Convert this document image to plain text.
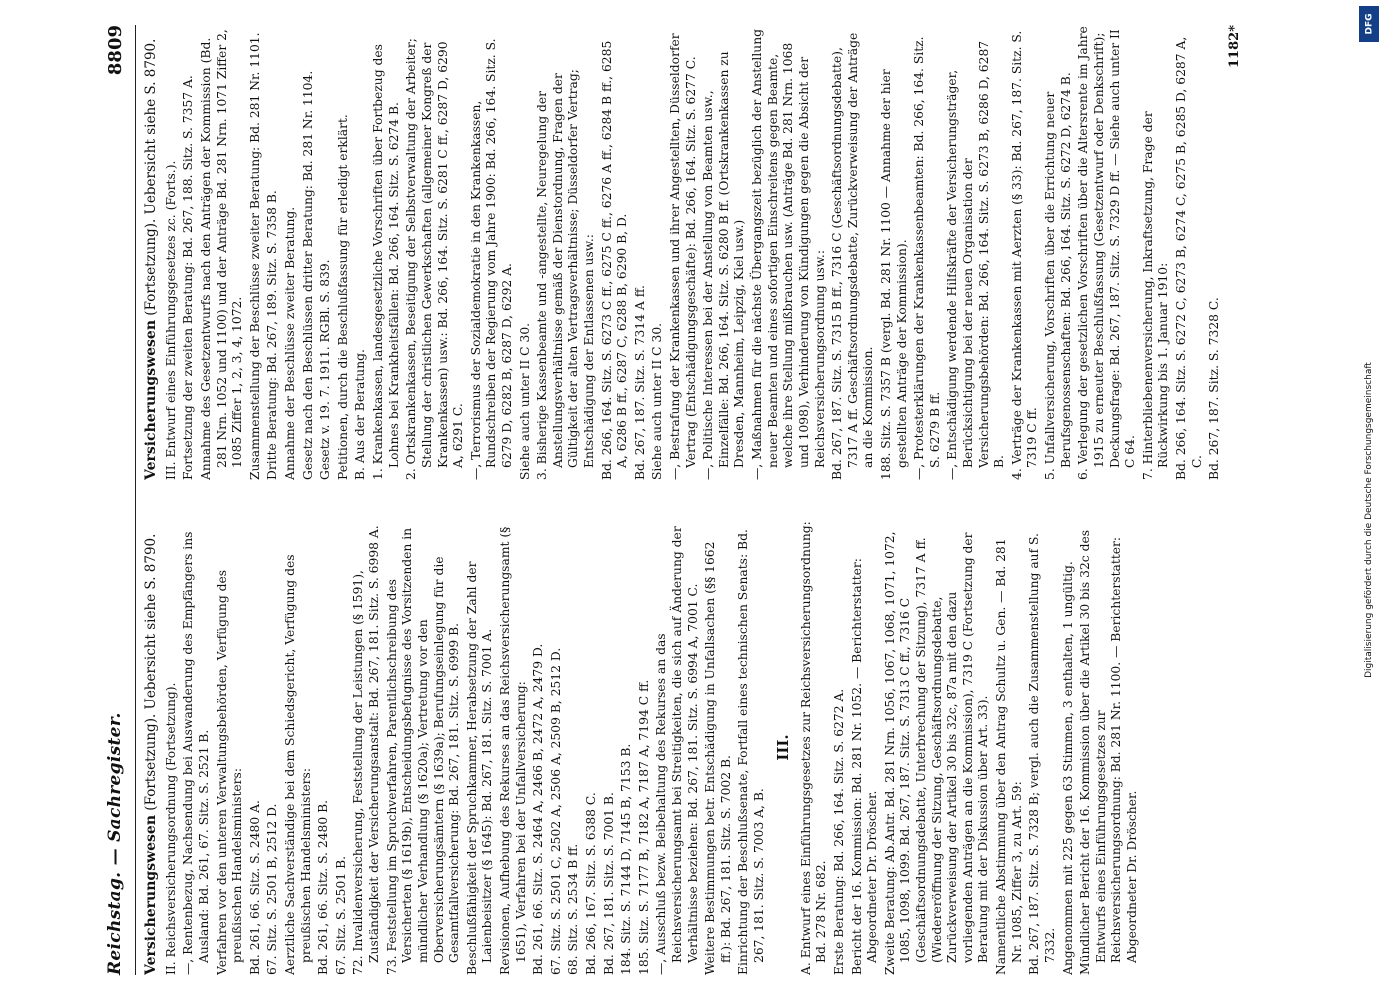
Reichstag. — Sachregister.
8809
Versicherungswesen (Fortsetzung). Uebersicht siehe S. 8790.
II. Reichsversicherungsordnung (Fortsetzung). —, Rentenbezug, Nachsendung bei Auswanderung des Empfängers ins Ausland: Bd. 261, 67. Sitz. S. 2521 B. Verfahren vor den unteren Verwaltungsbehörden, Verfügung des preußischen Handelsministers: Bd. 261, 66. Sitz. S. 2480 A. 67. Sitz. S. 2501 B, 2512 D. Aerztliche Sachverständige bei dem Schiedsgericht, Verfügung des preußischen Handelsministers: Bd. 261, 66. Sitz. S. 2480 B. 67. Sitz. S. 2501 B. 72. Invalidenversicherung, Feststellung der Leistungen (§ 1591), Zuständigkeit der Versicherungsanstalt: Bd. 267, 181. Sitz. S. 6998 A. 73. Feststellung im Spruchverfahren, Parentlichschreibung des Versicherten (§ 1619b), Entscheidungsbefugnisse des Vorsitzenden in mündlicher Verhandlung (§ 1620a); Vertretung vor den Oberversicherungsämtern (§ 1639a); Berufungseinlegung für die Gesamtfallversicherung: Bd. 267, 181. Sitz. S. 6999 B. Beschlußfähigkeit der Spruchkammer, Herabsetzung der Zahl der Laienbeisitzer (§ 1645): Bd. 267, 181. Sitz. S. 7001 A. Revisionen, Aufhebung des Rekurses an das Reichsversicherungsamt (§ 1651), Verfahren bei der Unfallversicherung: Bd. 261, 66. Sitz. S. 2464 A, 2466 B, 2472 A, 2479 D. 67. Sitz. S. 2501 C, 2502 A, 2506 A, 2509 B, 2512 D. 68. Sitz. S. 2534 B ff. Bd. 266, 167. Sitz. S. 6388 C. Bd. 267, 181. Sitz. S. 7001 B. 184. Sitz. S. 7144 D, 7145 B, 7153 B. 185. Sitz. S. 7177 B, 7182 A, 7187 A, 7194 C ff. —, Ausschluß bezw. Beibehaltung des Rekurses an das Reichsversicherungsamt bei Streitigkeiten, die sich auf Änderung der Verhältnisse beziehen: Bd. 267, 181. Sitz. S. 6994 A, 7001 C. Weitere Bestimmungen betr. Entschädigung in Unfallsachen (§§ 1662 ff.): Bd. 267, 181. Sitz. S. 7002 B. Einrichtung der Beschlußsenate, Fortfall eines technischen Senats: Bd. 267, 181. Sitz. S. 7003 A, B.
III. A. Entwurf eines Einführungsgesetzes zur Reichsversicherungsordnung: Bd. 278 Nr. 682. Erste Beratung: Bd. 266, 164. Sitz. S. 6272 A. Bericht der 16. Kommission: Bd. 281 Nr. 1052. — Berichterstatter: Abgeordneter Dr. Dröscher. Zweite Beratung: Ab.Antr. Bd. 281 Nrn. 1056, 1067, 1068, 1071, 1072, 1085, 1098, 1099. Bd. 267, 187. Sitz. S. 7313 C ff., 7316 C (Geschäftsordnungsdebatte, Unterbrechung der Sitzung), 7317 A ff. (Wiedereröffnung der Sitzung, Geschäftsordnungsdebatte, Zurückverweisung der Artikel 30 bis 32c, 87a mit den dazu vorliegenden Anträgen an die Kommission), 7319 C (Fortsetzung der Beratung mit der Diskussion über Art. 33). Namentliche Abstimmung über den Antrag Schultz u. Gen. — Bd. 281 Nr. 1085, Ziffer 3, zu Art. 59: Bd. 267, 187. Sitz. S. 7328 B; vergl. auch die Zusammenstellung auf S. 7332. Angenommen mit 225 gegen 63 Stimmen, 3 enthalten, 1 ungültig. Mündlicher Bericht der 16. Kommission über die Artikel 30 bis 32c des Entwurfs eines Einführungsgesetzes zur Reichsversicherungsordnung: Bd. 281 Nr. 1100. — Berichterstatter: Abgeordneter Dr. Dröscher.
Versicherungswesen (Fortsetzung). Uebersicht siehe S. 8790. III. Entwurf eines Einführungsgesetzes zc. (Forts.). Fortsetzung der zweiten Beratung: Bd. 267, 188. Sitz. S. 7357 A. Annahme des Gesetzentwurfs nach den Anträgen der Kommission (Bd. 281 Nrn. 1052 und 1100) und der Anträge Bd. 281 Nrn. 1071 Ziffer 2, 1085 Ziffer 1, 2, 3, 4, 1072. Zusammenstellung der Beschlüsse zweiter Beratung: Bd. 281 Nr. 1101. Dritte Beratung: Bd. 267, 189. Sitz. S. 7358 B. Annahme der Beschlüsse zweiter Beratung. Gesetz nach den Beschlüssen dritter Beratung: Bd. 281 Nr. 1104. Gesetz v. 19. 7. 1911. RGBl. S. 839. Petitionen, durch die Beschlußfassung für erledigt erklärt. B. Aus der Beratung. 1. Krankenkassen, landesgesetzliche Vorschriften über Fortbezug des Lohnes bei Krankheitsfällen: Bd. 266, 164. Sitz. S. 6274 B. 2. Ortskrankenkassen, Beseitigung der Selbstverwaltung der Arbeiter; Stellung der christlichen Gewerkschaften (allgemeiner Kongreß der Krankenkassen) usw.: Bd. 266, 164. Sitz. S. 6281 C ff., 6287 D, 6290 A, 6291 C. —, Terrorismus der Sozialdemokratie in den Krankenkassen, Rundschreiben der Regierung vom Jahre 1900: Bd. 266, 164. Sitz. S. 6279 D, 6282 B, 6287 D, 6292 A. Siehe auch unter II C 30. 3. Bisherige Kassenbeamte und -angestellte, Neuregelung der Anstellungsverhältnisse gemäß der Dienstordnung, Fragen der Gültigkeit der alten Vertragsverhältnisse; Düsseldorfer Vertrag; Entschädigung der Entlassenen usw.: Bd. 266, 164. Sitz. S. 6273 C ff., 6275 C ff., 6276 A ff., 6284 B ff., 6285 A, 6286 B ff., 6287 C, 6288 B, 6290 B, D. Bd. 267, 187. Sitz. S. 7314 A ff. Siehe auch unter II C 30. —, Bestrafung der Krankenkassen und ihrer Angestellten, Düsseldorfer Vertrag (Entschädigungsgeschäfte): Bd. 266, 164. Sitz. S. 6277 C. —, Politische Interessen bei der Anstellung von Beamten usw., Einzelfälle: Bd. 266, 164. Sitz. S. 6280 B ff. (Ortskrankenkassen zu Dresden, Mannheim, Leipzig, Kiel usw.) —, Maßnahmen für die nächste Übergangszeit bezüglich der Anstellung neuer Beamten und eines sofortigen Einschreitens gegen Beamte, welche ihre Stellung mißbrauchen usw. (Anträge Bd. 281 Nrn. 1068 und 1098), Verhinderung von Kündigungen gegen die Absicht der Reichsversicherungsordnung usw.: Bd. 267, 187. Sitz. S. 7315 B ff., 7316 C (Geschäftsordnungsdebatte), 7317 A ff. Geschäftsordnungsdebatte, Zurückverweisung der Anträge an die Kommission. 188. Sitz. S. 7357 B (vergl. Bd. 281 Nr. 1100 — Annahme der hier gestellten Anträge der Kommission). —, Protesterklärungen der Krankenkassenbeamten: Bd. 266, 164. Sitz. S. 6279 B ff. —, Entschädigung werdende Hilfskräfte der Versicherungsträger, Berücksichtigung bei der neuen Organisation der Versicherungsbehörden: Bd. 266, 164. Sitz. S. 6273 B, 6286 D, 6287 B. 4. Verträge der Krankenkassen mit Aerzten (§ 33): Bd. 267, 187. Sitz. S. 7319 C ff. 5. Unfallversicherung, Vorschriften über die Errichtung neuer Berufsgenossenschaften: Bd. 266, 164. Sitz. S. 6272 D, 6274 B. 6. Verlegung der gesetzlichen Vorschriften über die Altersrente im Jahre 1915 zu erneuter Beschlußfassung (Gesetzentwurf oder Denkschrift); Deckungsfrage: Bd. 267, 187. Sitz. S. 7329 D ff. — Siehe auch unter II C 64. 7. Hinterbliebenenversicherung, Inkraftsetzung, Frage der Rückwirkung bis 1. Januar 1910: Bd. 266, 164. Sitz. S. 6272 C, 6273 B, 6274 C, 6275 B, 6285 D, 6287 A, C. Bd. 267, 187. Sitz. S. 7328 C.
1182*
DFG
Digitalisierung gefördert durch die Deutsche Forschungsgemeinschaft
